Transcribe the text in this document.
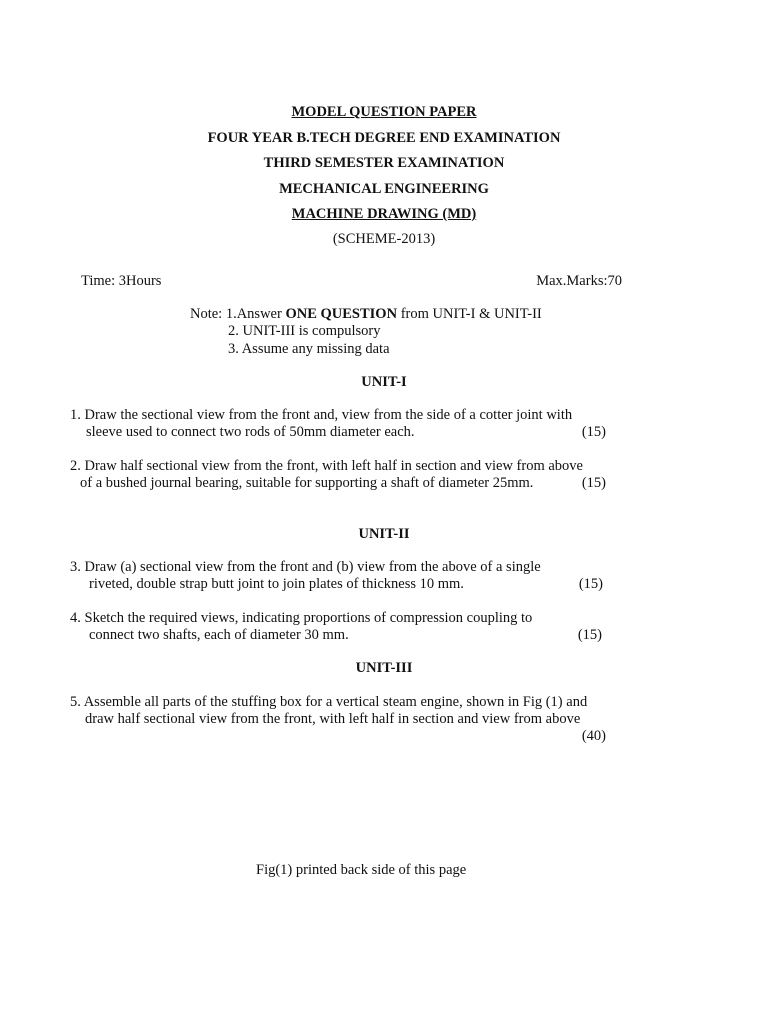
MODEL QUESTION PAPER
FOUR YEAR B.TECH DEGREE END EXAMINATION
THIRD SEMESTER EXAMINATION
MECHANICAL ENGINEERING
MACHINE DRAWING (MD)
(SCHEME-2013)
Time: 3Hours	Max.Marks:70
Note: 1.Answer ONE QUESTION from UNIT-I & UNIT-II
2. UNIT-III is compulsory
3. Assume any missing data
UNIT-I
1. Draw the sectional view from the front and, view from the side of a cotter joint with
sleeve used to connect two rods of 50mm diameter each.	(15)
2. Draw half sectional view from the front, with left half in section and view from above
of a bushed journal bearing, suitable for supporting a shaft of diameter 25mm.	(15)
UNIT-II
3. Draw (a) sectional view from the front and (b) view from the above of a single
riveted, double strap butt joint to join plates of thickness 10 mm.	(15)
4. Sketch the required views, indicating proportions of compression coupling to
connect two shafts, each of diameter 30 mm.	(15)
UNIT-III
5. Assemble all parts of the stuffing box for a vertical steam engine, shown in Fig (1) and
draw half sectional view from the front, with left half in section and view from above
(40)
Fig(1) printed back side of this page
